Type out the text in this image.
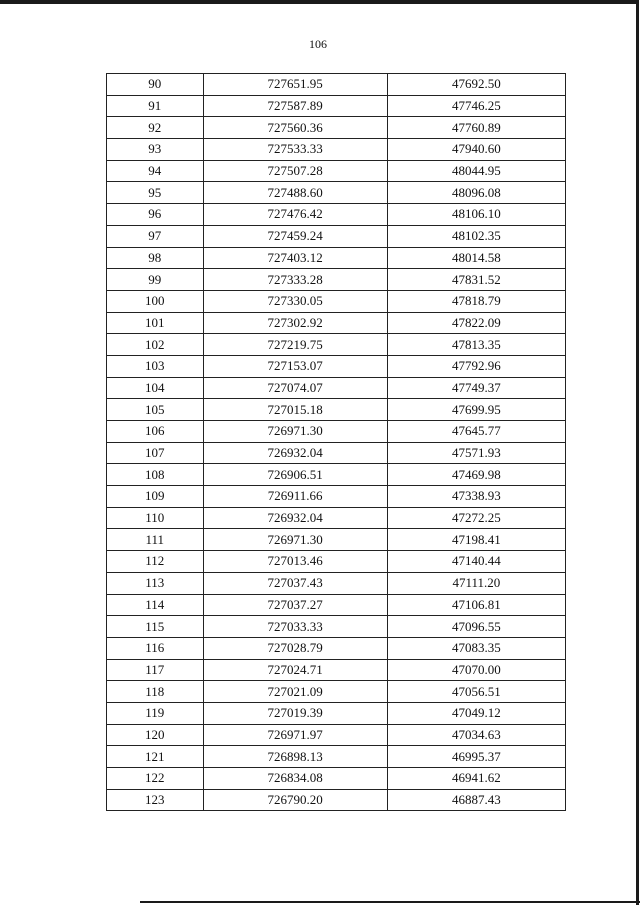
106
90	727651.95	47692.50
91	727587.89	47746.25
92	727560.36	47760.89
93	727533.33	47940.60
94	727507.28	48044.95
95	727488.60	48096.08
96	727476.42	48106.10
97	727459.24	48102.35
98	727403.12	48014.58
99	727333.28	47831.52
100	727330.05	47818.79
101	727302.92	47822.09
102	727219.75	47813.35
103	727153.07	47792.96
104	727074.07	47749.37
105	727015.18	47699.95
106	726971.30	47645.77
107	726932.04	47571.93
108	726906.51	47469.98
109	726911.66	47338.93
110	726932.04	47272.25
111	726971.30	47198.41
112	727013.46	47140.44
113	727037.43	47111.20
114	727037.27	47106.81
115	727033.33	47096.55
116	727028.79	47083.35
117	727024.71	47070.00
118	727021.09	47056.51
119	727019.39	47049.12
120	726971.97	47034.63
121	726898.13	46995.37
122	726834.08	46941.62
123	726790.20	46887.43
